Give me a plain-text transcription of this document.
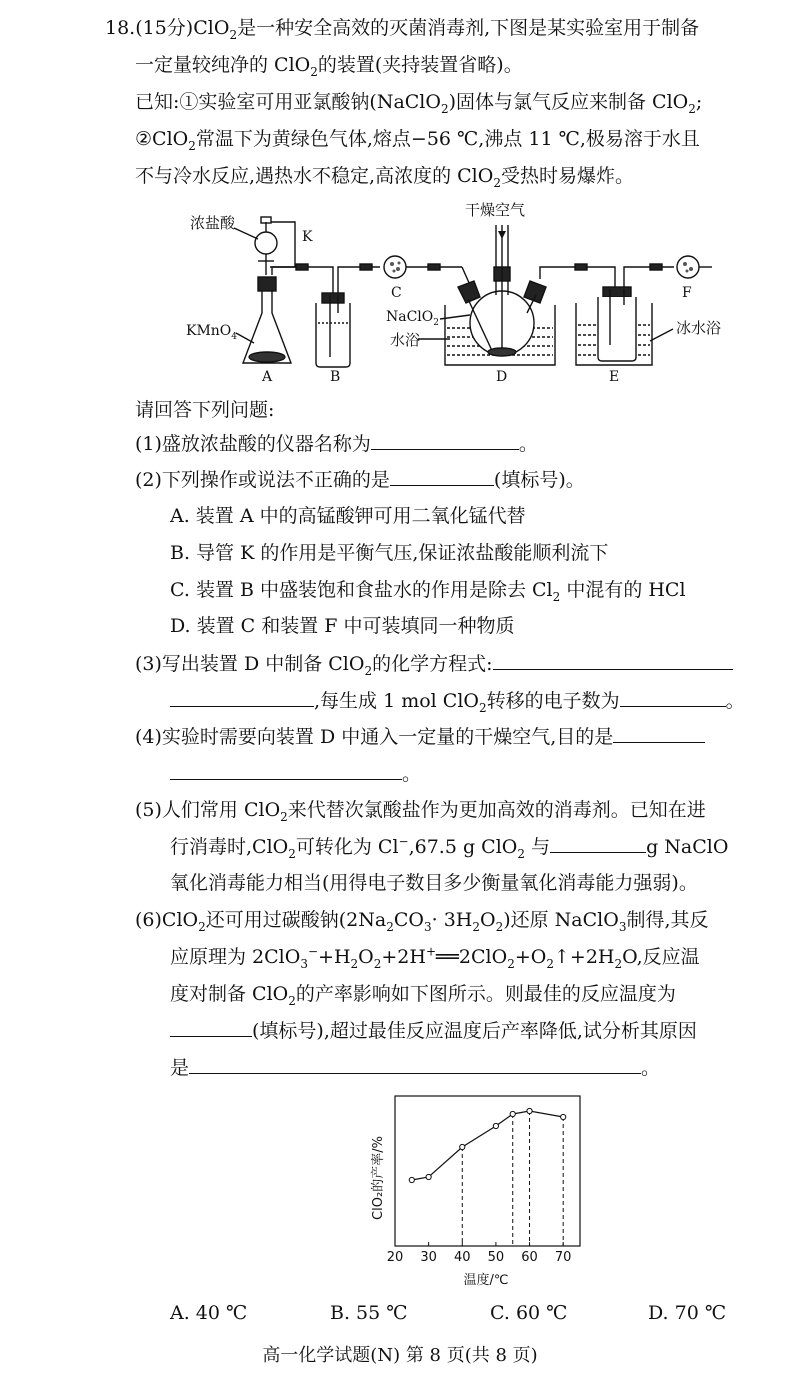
18.(15分)ClO$_2$是一种安全高效的灭菌消毒剂,下图是某实验室用于制备
一定量较纯净的 ClO$_2$的装置(夹持装置省略)。
已知:①实验室可用亚氯酸钠(NaClO$_2$)固体与氯气反应来制备 ClO$_2$;
②ClO$_2$常温下为黄绿色气体,熔点−56 ℃,沸点 11 ℃,极易溶于水且
不与冷水反应,遇热水不稳定,高浓度的 ClO$_2$受热时易爆炸。
浓盐酸
K
干燥空气
KMnO$_4$
NaClO$_2$
水浴
冰水浴
A	B
C
D	E
F
请回答下列问题:
(1)盛放浓盐酸的仪器名称为	。
(2)下列操作或说法不正确的是	(填标号)。
A. 装置 A 中的高锰酸钾可用二氧化锰代替
B. 导管 K 的作用是平衡气压,保证浓盐酸能顺利流下
C. 装置 B 中盛装饱和食盐水的作用是除去 $Cl_2$ 中混有的 HCl
D. 装置 C 和装置 F 中可装填同一种物质
(3)写出装置 D 中制备 ClO$_2$的化学方程式:
,每生成 1 mol ClO$_2$转移的电子数为	。
(4)实验时需要向装置 D 中通入一定量的干燥空气,目的是
。
(5)人们常用 ClO$_2$来代替次氯酸盐作为更加高效的消毒剂。已知在进
行消毒时,ClO$_2$可转化为 Cl−,67.5 g ClO$_2$ 与	g NaClO
氧化消毒能力相当(用得电子数目多少衡量氧化消毒能力强弱)。
(6)ClO$_2$还可用过碳酸钠$(2Na_2CO_3\cdot 3H_2O_2)$还原 NaClO$_3$制得,其反
应原理为 $2ClO_3^-+H_2O_2+2H^+══2ClO_2+O_2↑+2H_2O$,反应温
度对制备 ClO$_2$的产率影响如下图所示。则最佳的反应温度为
(填标号),超过最佳反应温度后产率降低,试分析其原因
是	。
20 30 40 50 60 70
温度/℃
ClO₂的产率/%
A. 40 ℃	B. 55 ℃	C. 60 ℃	D. 70 ℃
高一化学试题(N) 第 8 页(共 8 页)
